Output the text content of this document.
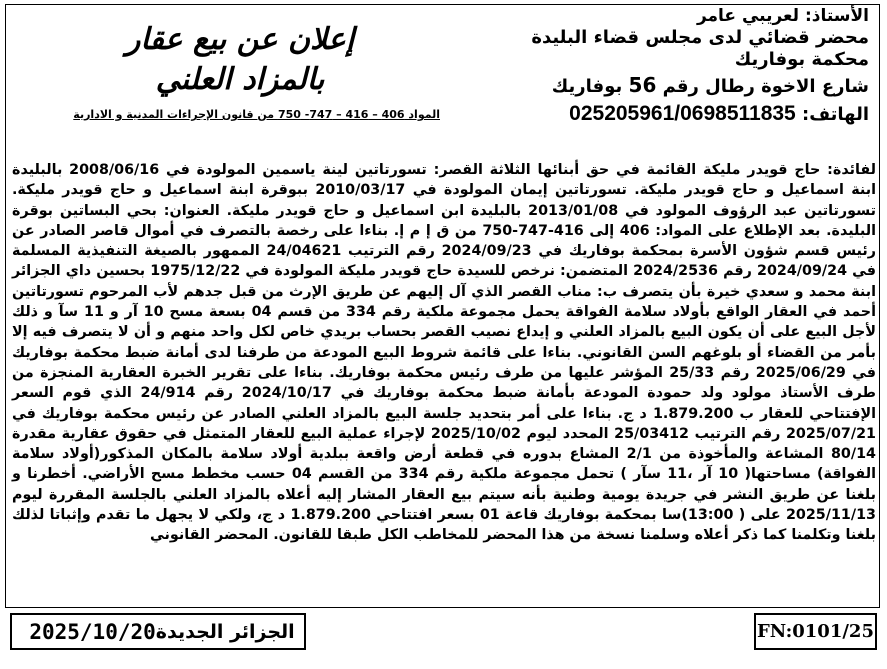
الأستاذ: لعريبي عامر
محضر قضائي لدى مجلس قضاء البليدة
محكمة بوفاريك
شارع الاخوة رطال رقم 56 بوفاريك
الهاتف: 025205961/0698511835
إعلان عن بيع عقار
بالمزاد العلني
المواد 406 – 416 – 747- 750 من قانون الإجراءات المدنية و الادارية
لفائدة: حاج قويدر مليكة القائمة في حق أبنائها الثلاثة القصر: تسورتاتين لينة ياسمين المولودة في 2008/06/16 بالبليدة ابنة اسماعيل و حاج قويدر مليكة. تسورتاتين إيمان المولودة في 2010/03/17 ببوقرة ابنة اسماعيل و حاج قويدر مليكة. تسورتاتين عبد الرؤوف المولود في 2013/01/08 بالبليدة ابن اسماعيل و حاج قويدر مليكة. العنوان: بحي البساتين بوقرة البليدة. بعد الإطلاع على المواد: 406 إلى 416-747-750 من ق إ م إ. بناءا على رخصة بالتصرف في أموال قاصر الصادر عن رئيس قسم شؤون الأسرة بمحكمة بوفاريك في 2024/09/23 رقم الترتيب 24/04621 الممهور بالصيغة التنفيذية المسلمة في 2024/09/24 رقم 2024/2536 المتضمن: نرخص للسيدة حاج قويدر مليكة المولودة في 1975/12/22 بحسين داي الجزائر ابنة محمد و سعدي خيرة بأن يتصرف ب: مناب القصر الذي آل إليهم عن طريق الإرث من قبل جدهم لأب المرحوم تسورتاتين أحمد في العقار الواقع بأولاد سلامة الفواقة يحمل مجموعة ملكية رقم 334 من قسم 04 بسعة مسح 10 آر و 11 سآ و ذلك لأجل البيع على أن يكون البيع بالمزاد العلني و إيداع نصيب القصر بحساب بريدي خاص لكل واحد منهم و أن لا يتصرف فيه إلا بأمر من القضاء أو بلوغهم السن القانوني. بناءا على قائمة شروط البيع المودعة من طرفنا لدى أمانة ضبط محكمة بوفاريك في 2025/06/29 رقم 25/33 المؤشر عليها من طرف رئيس محكمة بوفاريك. بناءا على تقرير الخبرة العقارية المنجزة من طرف الأستاذ مولود ولد حمودة المودعة بأمانة ضبط محكمة بوفاريك في 2024/10/17 رقم 24/914 الذي قوم السعر الإفتتاحي للعقار ب 1.879.200 د ج. بناءا على أمر بتحديد جلسة البيع بالمزاد العلني الصادر عن رئيس محكمة بوفاريك في 2025/07/21 رقم الترتيب 25/03412 المحدد ليوم 2025/10/02 لإجراء عملية البيع للعقار المتمثل في حقوق عقارية مقدرة 80/14 المشاعة والمأخوذة من 2/1 المشاع بدوره في قطعة أرض واقعة ببلدية أولاد سلامة بالمكان المذكور(أولاد سلامة الفواقة) مساحتها( 10 آر ،11 سآر ) تحمل مجموعة ملكية رقم 334 من القسم 04 حسب مخطط مسح الأراضي. أخطرنا و بلغنا عن طريق النشر في جريدة يومية وطنية بأنه سيتم بيع العقار المشار إليه أعلاه بالمزاد العلني بالجلسة المقررة ليوم 2025/11/13 على ( 13:00)سا بمحكمة بوفاريك قاعة 01 بسعر افتتاحي 1.879.200 د ج، ولكي لا يجهل ما تقدم وإثباتا لذلك بلغنا وتكلمنا كما ذكر أعلاه وسلمنا نسخة من هذا المحضر للمخاطب الكل طبقا للقانون. المحضر القانوني
الجزائر الجديدة
2025/10/20	FN:0101/25
